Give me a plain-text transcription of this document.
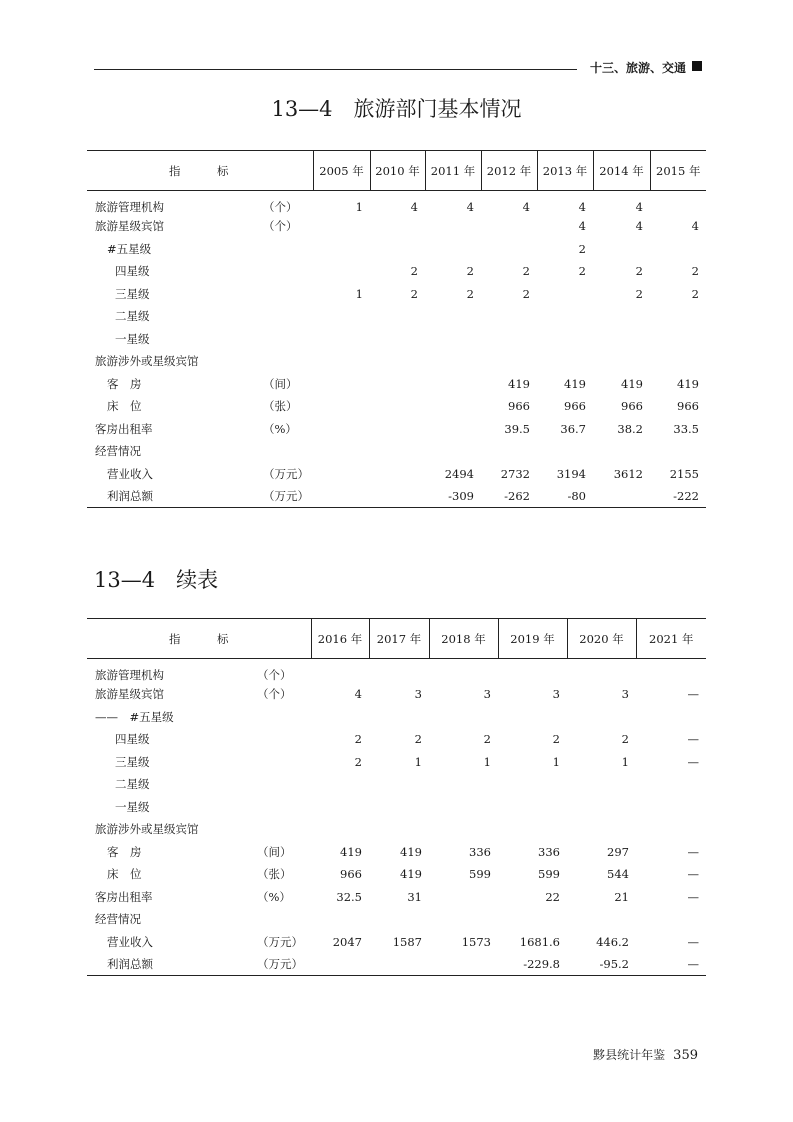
十三、旅游、交通
13—4　旅游部门基本情况
指 标	2005 年	2010 年	2011 年	2012 年	2013 年	2014 年	2015 年
旅游管理机构 （个）	1	4	4	4	4	4	
旅游星级宾馆 （个）					4	4	4
#五星级					2		
四星级		2	2	2	2	2	2
三星级	1	2	2	2		2	2
二星级

一星级

旅游涉外或星级宾馆

客　房 （间）				419	419	419	419
床　位 （张）				966	966	966	966
客房出租率 （%）				39.5	36.7	38.2	33.5
经营情况

营业收入 （万元）			2494	2732	3194	3612	2155
利润总额 （万元）			-309	-262	-80		-222
13—4　续表
指 标	2016 年	2017 年	2018 年	2019 年	2020 年	2021 年
旅游管理机构 （个）						

旅游星级宾馆 （个）	4	3	3	3	3	—
——　#五星级

四星级	2	2	2	2	2	—
三星级	2	1	1	1	1	—
二星级

一星级

旅游涉外或星级宾馆

客　房 （间）	419	419	336	336	297	—
床　位 （张）	966	419	599	599	544	—
客房出租率 （%）	32.5	31		22	21	—
经营情况

营业收入 （万元）	2047	1587	1573	1681.6	446.2	—
利润总额 （万元）				-229.8	-95.2	—
黟县统计年鉴 359
